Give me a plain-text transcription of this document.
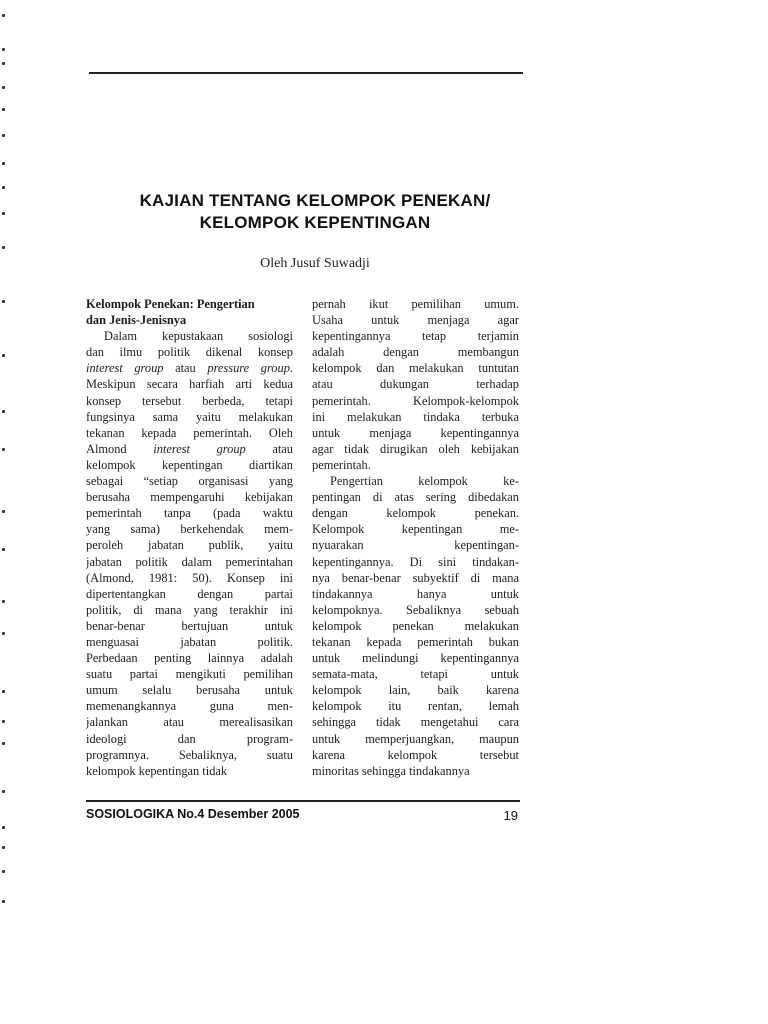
KAJIAN TENTANG KELOMPOK PENEKAN/
KELOMPOK KEPENTINGAN
Oleh Jusuf Suwadji
Kelompok Penekan: Pengertian
dan Jenis-Jenisnya
Dalam kepustakaan sosiologi
dan ilmu politik dikenal konsep
interest group atau pressure group.
Meskipun secara harfiah arti kedua
konsep tersebut berbeda, tetapi
fungsinya sama yaitu melakukan
tekanan kepada pemerintah. Oleh
Almond interest group atau
kelompok kepentingan diartikan
sebagai “setiap organisasi yang
berusaha mempengaruhi kebijakan
pemerintah tanpa (pada waktu
yang sama) berkehendak mem-
peroleh jabatan publik, yaitu
jabatan politik dalam pemerintahan
(Almond, 1981: 50). Konsep ini
dipertentangkan dengan partai
politik, di mana yang terakhir ini
benar-benar bertujuan untuk
menguasai jabatan politik.
Perbedaan penting lainnya adalah
suatu partai mengikuti pemilihan
umum selalu berusaha untuk
memenangkannya guna men-
jalankan atau merealisasikan
ideologi dan program-
programnya. Sebaliknya, suatu
kelompok kepentingan tidak
pernah ikut pemilihan umum.
Usaha untuk menjaga agar
kepentingannya tetap terjamin
adalah dengan membangun
kelompok dan melakukan tuntutan
atau dukungan terhadap
pemerintah. Kelompok-kelompok
ini melakukan tindaka terbuka
untuk menjaga kepentingannya
agar tidak dirugikan oleh kebijakan
pemerintah.
Pengertian kelompok ke-
pentingan di atas sering dibedakan
dengan kelompok penekan.
Kelompok kepentingan me-
nyuarakan kepentingan-
kepentingannya. Di sini tindakan-
nya benar-benar subyektif di mana
tindakannya hanya untuk
kelompoknya. Sebaliknya sebuah
kelompok penekan melakukan
tekanan kepada pemerintah bukan
untuk melindungi kepentingannya
semata-mata, tetapi untuk
kelompok lain, baik karena
kelompok itu rentan, lemah
sehingga tidak mengetahui cara
untuk memperjuangkan, maupun
karena kelompok tersebut
minoritas sehingga tindakannya
SOSIOLOGIKA No.4 Desember 2005	19
